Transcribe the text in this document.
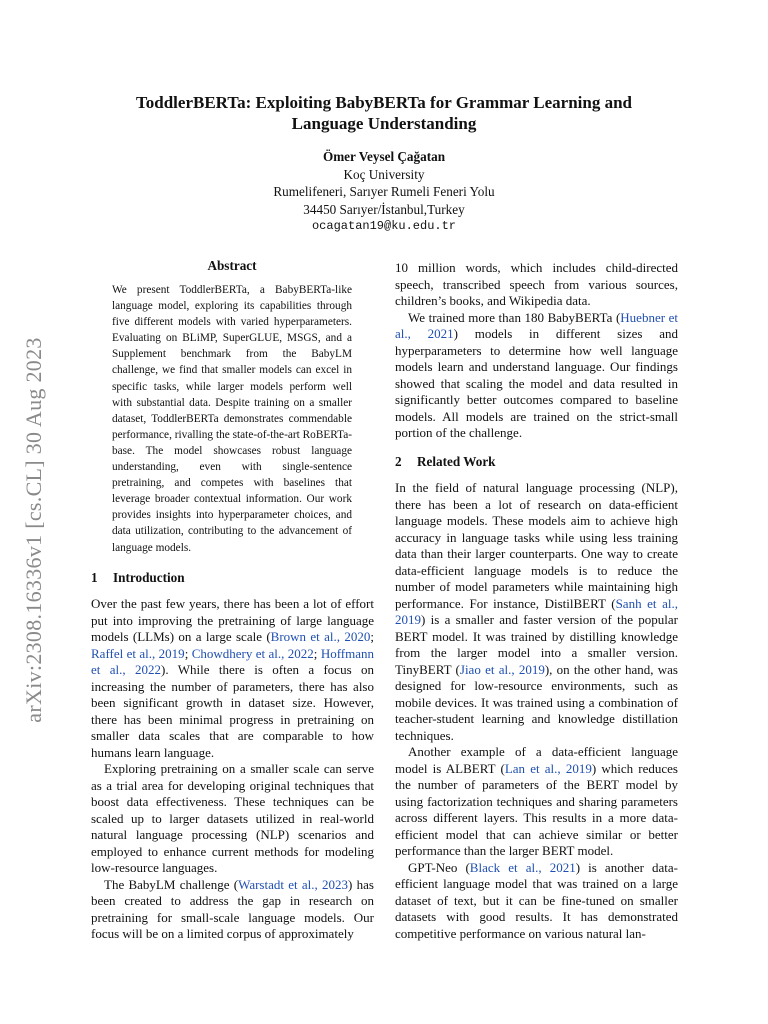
arXiv:2308.16336v1 [cs.CL] 30 Aug 2023
ToddlerBERTa: Exploiting BabyBERTa for Grammar Learning and
Language Understanding
Ömer Veysel Çağatan
Koç University
Rumelifeneri, Sarıyer Rumeli Feneri Yolu
34450 Sarıyer/İstanbul,Turkey
ocagatan19@ku.edu.tr
Abstract

We present ToddlerBERTa, a BabyBERTa-like language model, exploring its capabilities through five different models with varied hyperparameters. Evaluating on BLiMP, SuperGLUE, MSGS, and a Supplement benchmark from the BabyLM challenge, we find that smaller models can excel in specific tasks, while larger models perform well with substantial data. Despite training on a smaller dataset, ToddlerBERTa demonstrates commendable performance, rivalling the state-of-the-art RoBERTa-base. The model showcases robust language understanding, even with single-sentence pretraining, and competes with baselines that leverage broader contextual information. Our work provides insights into hyperparameter choices, and data utilization, contributing to the advancement of language models.

1 Introduction

Over the past few years, there has been a lot of effort put into improving the pretraining of large language models (LLMs) on a large scale (Brown et al., 2020; Raffel et al., 2019; Chowdhery et al., 2022; Hoffmann et al., 2022). While there is often a focus on increasing the number of parameters, there has also been significant growth in dataset size. However, there has been minimal progress in pretraining on smaller data scales that are comparable to how humans learn language.

Exploring pretraining on a smaller scale can serve as a trial area for developing original techniques that boost data effectiveness. These techniques can be scaled up to larger datasets utilized in real-world natural language processing (NLP) scenarios and employed to enhance current methods for modeling low-resource languages.

The BabyLM challenge (Warstadt et al., 2023) has been created to address the gap in research on pretraining for small-scale language models. Our focus will be on a limited corpus of approximately

10 million words, which includes child-directed speech, transcribed speech from various sources, children’s books, and Wikipedia data.

We trained more than 180 BabyBERTa (Huebner et al., 2021) models in different sizes and hyperparameters to determine how well language models learn and understand language. Our findings showed that scaling the model and data resulted in significantly better outcomes compared to baseline models. All models are trained on the strict-small portion of the challenge.

2 Related Work

In the field of natural language processing (NLP), there has been a lot of research on data-efficient language models. These models aim to achieve high accuracy in language tasks while using less training data than their larger counterparts. One way to create data-efficient language models is to reduce the number of model parameters while maintaining high performance. For instance, DistilBERT (Sanh et al., 2019) is a smaller and faster version of the popular BERT model. It was trained by distilling knowledge from the larger model into a smaller version. TinyBERT (Jiao et al., 2019), on the other hand, was designed for low-resource environments, such as mobile devices. It was trained using a combination of teacher-student learning and knowledge distillation techniques.

Another example of a data-efficient language model is ALBERT (Lan et al., 2019) which reduces the number of parameters of the BERT model by using factorization techniques and sharing parameters across different layers. This results in a more data-efficient model that can achieve similar or better performance than the larger BERT model.

GPT-Neo (Black et al., 2021) is another data-efficient language model that was trained on a large dataset of text, but it can be fine-tuned on smaller datasets with good results. It has demonstrated competitive performance on various natural lan-
